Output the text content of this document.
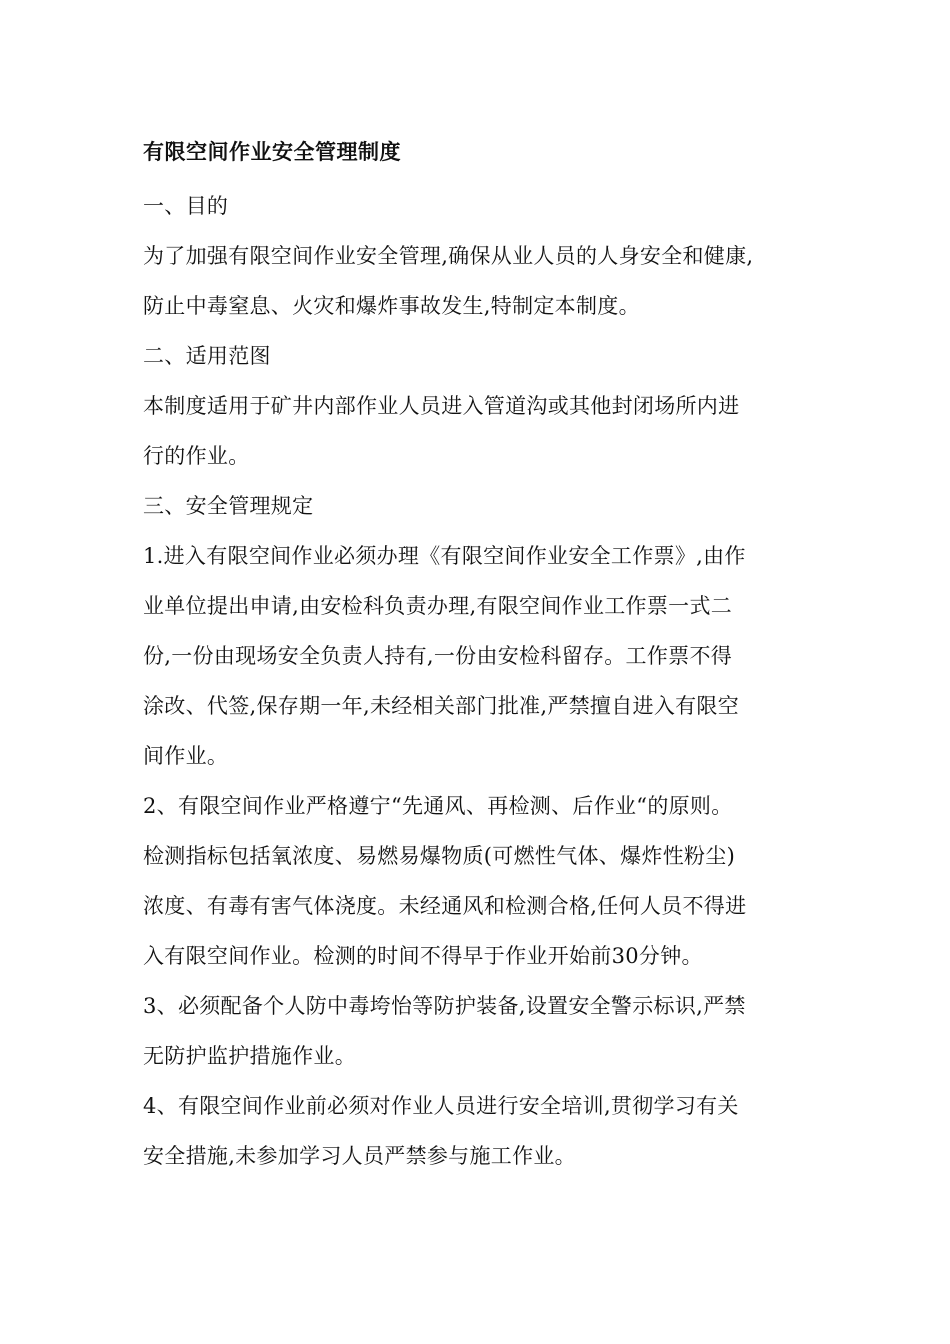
有限空间作业安全管理制度
一、目的
为了加强有限空间作业安全管理,确保从业人员的人身安全和健康,
防止中毒窒息、火灾和爆炸事故发生,特制定本制度。
二、适用范图
本制度适用于矿井内部作业人员进入管道沟或其他封闭场所内进
行的作业。
三、安全管理规定
1.进入有限空间作业必须办理《有限空间作业安全工作票》,由作
业单位提出申请,由安检科负责办理,有限空间作业工作票一式二
份,一份由现场安全负责人持有,一份由安检科留存。工作票不得
涂改、代签,保存期一年,未经相关部门批准,严禁擅自进入有限空
间作业。
2、有限空间作业严格遵宁“先通风、再检测、后作业“的原则。
检测指标包括氧浓度、易燃易爆物质(可燃性气体、爆炸性粉尘)
浓度、有毒有害气体浇度。未经通风和检测合格,任何人员不得进
入有限空间作业。检测的时间不得早于作业开始前30分钟。
3、必须配备个人防中毒垮怡等防护装备,设置安全警示标识,严禁
无防护监护措施作业。
4、有限空间作业前必须对作业人员进行安全培训,贯彻学习有关
安全措施,未参加学习人员严禁参与施工作业。
